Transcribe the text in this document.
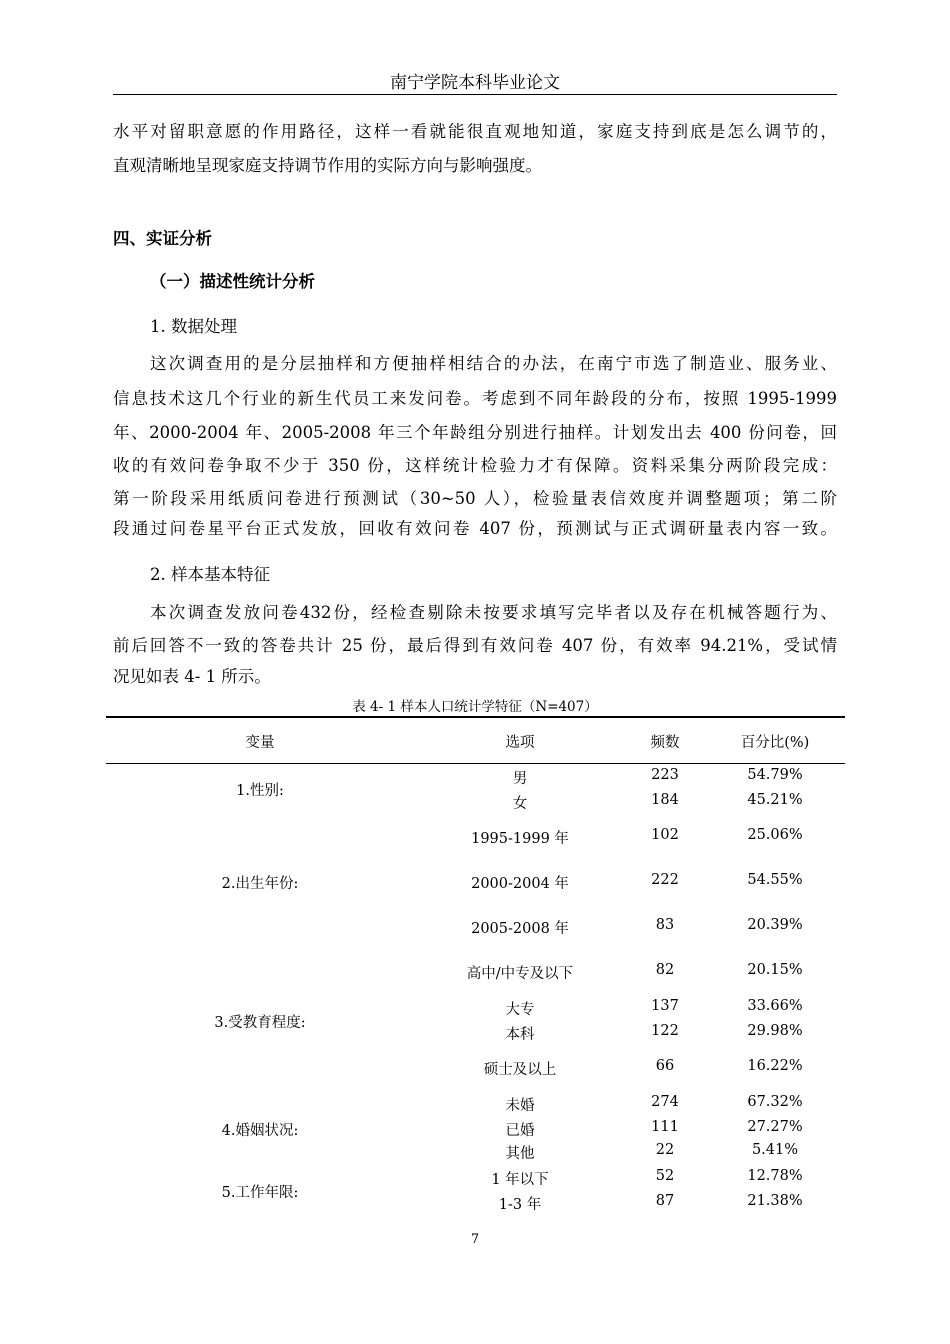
南宁学院本科毕业论文
水平对留职意愿的作用路径，这样一看就能很直观地知道，家庭支持到底是怎么调节的，
直观清晰地呈现家庭支持调节作用的实际方向与影响强度。
四、实证分析
（一）描述性统计分析
1. 数据处理
这次调查用的是分层抽样和方便抽样相结合的办法，在南宁市选了制造业、服务业、
信息技术这几个行业的新生代员工来发问卷。考虑到不同年龄段的分布，按照 1995-1999
年、2000-2004 年、2005-2008 年三个年龄组分别进行抽样。计划发出去 400 份问卷，回
收的有效问卷争取不少于 350 份，这样统计检验力才有保障。资料采集分两阶段完成：
第一阶段采用纸质问卷进行预测试（30~50 人），检验量表信效度并调整题项；第二阶
段通过问卷星平台正式发放，回收有效问卷 407 份，预测试与正式调研量表内容一致。
2. 样本基本特征
本次调查发放问卷432份，经检查剔除未按要求填写完毕者以及存在机械答题行为、
前后回答不一致的答卷共计 25 份，最后得到有效问卷 407 份，有效率 94.21%，受试情
况见如表 4- 1 所示。
表 4- 1 样本人口统计学特征（N=407）
变量	选项	频数	百分比(%)
1.性别:
男	223	54.79%
女	184	45.21%
2.出生年份:
1995-1999 年	102	25.06%
2000-2004 年	222	54.55%
2005-2008 年	83	20.39%
3.受教育程度:
高中/中专及以下	82	20.15%
大专	137	33.66%
本科	122	29.98%
硕士及以上	66	16.22%
4.婚姻状况:
未婚	274	67.32%
已婚	111	27.27%
其他	22	5.41%
5.工作年限:
1 年以下	52	12.78%
1-3 年	87	21.38%
7
